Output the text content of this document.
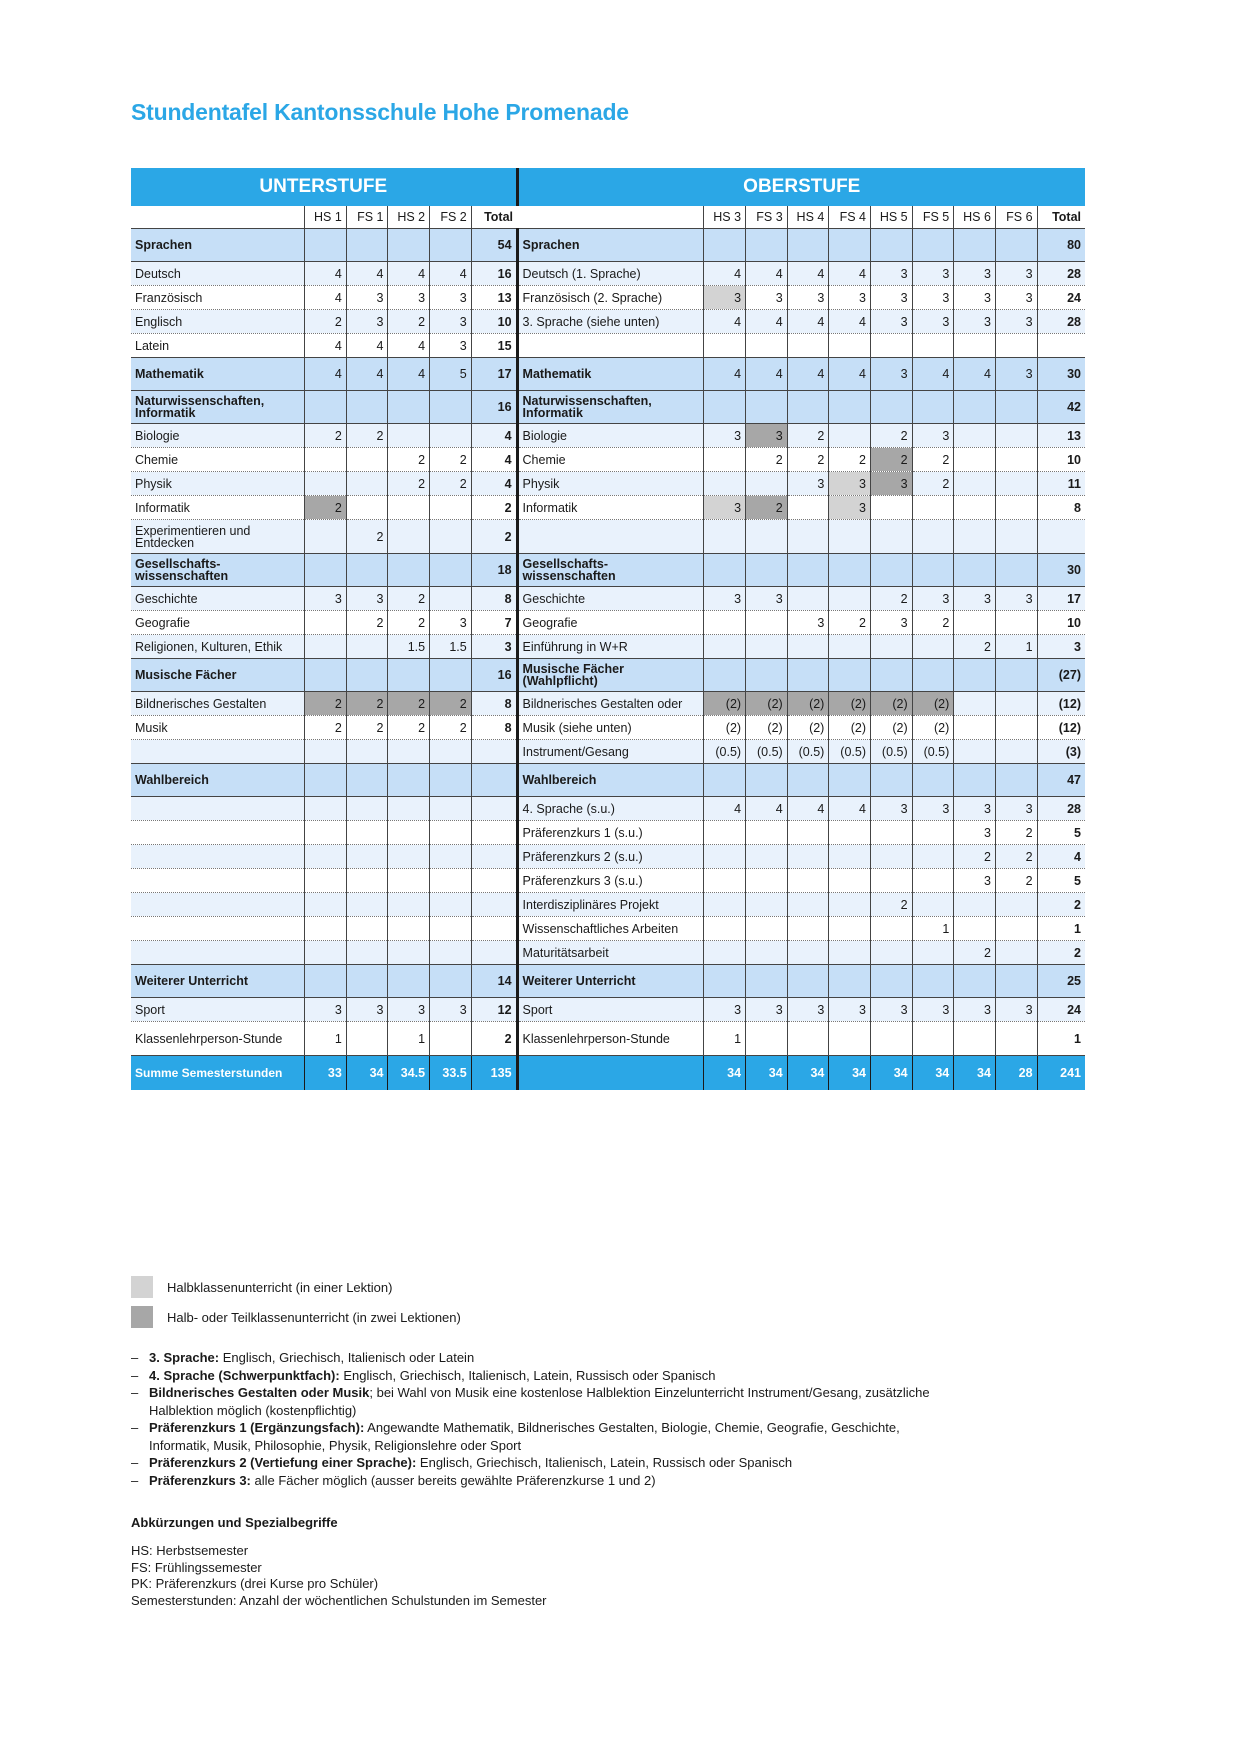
Stundentafel Kantonsschule Hohe Promenade
UNTERSTUFE						OBERSTUFE									
	HS 1	FS 1	HS 2	FS 2	Total		HS 3	FS 3	HS 4	FS 4	HS 5	FS 5	HS 6	FS 6	Total
Sprachen					54	Sprachen									80
Deutsch	4	4	4	4	16	Deutsch (1. Sprache)	4	4	4	4	3	3	3	3	28
Französisch	4	3	3	3	13	Französisch (2. Sprache)	3	3	3	3	3	3	3	3	24
Englisch	2	3	2	3	10	3. Sprache (siehe unten)	4	4	4	4	3	3	3	3	28
Latein	4	4	4	3	15										
Mathematik	4	4	4	5	17	Mathematik	4	4	4	4	3	4	4	3	30
Naturwissenschaften, Informatik					16	Naturwissenschaften, Informatik									42
Biologie	2	2			4	Biologie	3	3	2		2	3			13
Chemie			2	2	4	Chemie		2	2	2	2	2			10
Physik			2	2	4	Physik			3	3	3	2			11
Informatik	2				2	Informatik	3	2		3					8
Experimentieren und Entdecken		2			2										
Gesellschafts-wissenschaften					18	Gesellschafts-wissenschaften									30
Geschichte	3	3	2		8	Geschichte	3	3			2	3	3	3	17
Geografie		2	2	3	7	Geografie			3	2	3	2			10
Religionen, Kulturen, Ethik			1.5	1.5	3	Einführung in W+R							2	1	3
Musische Fächer					16	Musische Fächer (Wahlpflicht)									(27)
Bildnerisches Gestalten	2	2	2	2	8	Bildnerisches Gestalten oder	(2)	(2)	(2)	(2)	(2)	(2)			(12)
Musik	2	2	2	2	8	Musik (siehe unten)	(2)	(2)	(2)	(2)	(2)	(2)			(12)
						Instrument/Gesang	(0.5)	(0.5)	(0.5)	(0.5)	(0.5)	(0.5)			(3)
Wahlbereich						Wahlbereich									47
						4. Sprache (s.u.)	4	4	4	4	3	3	3	3	28
						Präferenzkurs 1 (s.u.)							3	2	5
						Präferenzkurs 2 (s.u.)							2	2	4
						Präferenzkurs 3 (s.u.)							3	2	5
						Interdisziplinäres Projekt					2				2
						Wissenschaftliches Arbeiten						1			1
						Maturitätsarbeit							2		2
Weiterer Unterricht					14	Weiterer Unterricht									25
Sport	3	3	3	3	12	Sport	3	3	3	3	3	3	3	3	24
Klassenlehrperson-Stunde	1		1		2	Klassenlehrperson-Stunde	1								1
Summe Semesterstunden	33	34	34.5	33.5	135		34	34	34	34	34	34	34	28	241
Halbklassenunterricht (in einer Lektion)
Halb- oder Teilklassenunterricht (in zwei Lektionen)
– 3. Sprache: Englisch, Griechisch, Italienisch oder Latein
– 4. Sprache (Schwerpunktfach): Englisch, Griechisch, Italienisch, Latein, Russisch oder Spanisch
– Bildnerisches Gestalten oder Musik; bei Wahl von Musik eine kostenlose Halblektion Einzelunterricht Instrument/Gesang, zusätzliche Halblektion möglich (kostenpflichtig)
– Präferenzkurs 1 (Ergänzungsfach): Angewandte Mathematik, Bildnerisches Gestalten, Biologie, Chemie, Geografie, Geschichte, Informatik, Musik, Philosophie, Physik, Religionslehre oder Sport
– Präferenzkurs 2 (Vertiefung einer Sprache): Englisch, Griechisch, Italienisch, Latein, Russisch oder Spanisch
– Präferenzkurs 3: alle Fächer möglich (ausser bereits gewählte Präferenzkurse 1 und 2)
Abkürzungen und Spezialbegriffe
HS: Herbstsemester
FS: Frühlingssemester
PK: Präferenzkurs (drei Kurse pro Schüler)
Semesterstunden: Anzahl der wöchentlichen Schulstunden im Semester
